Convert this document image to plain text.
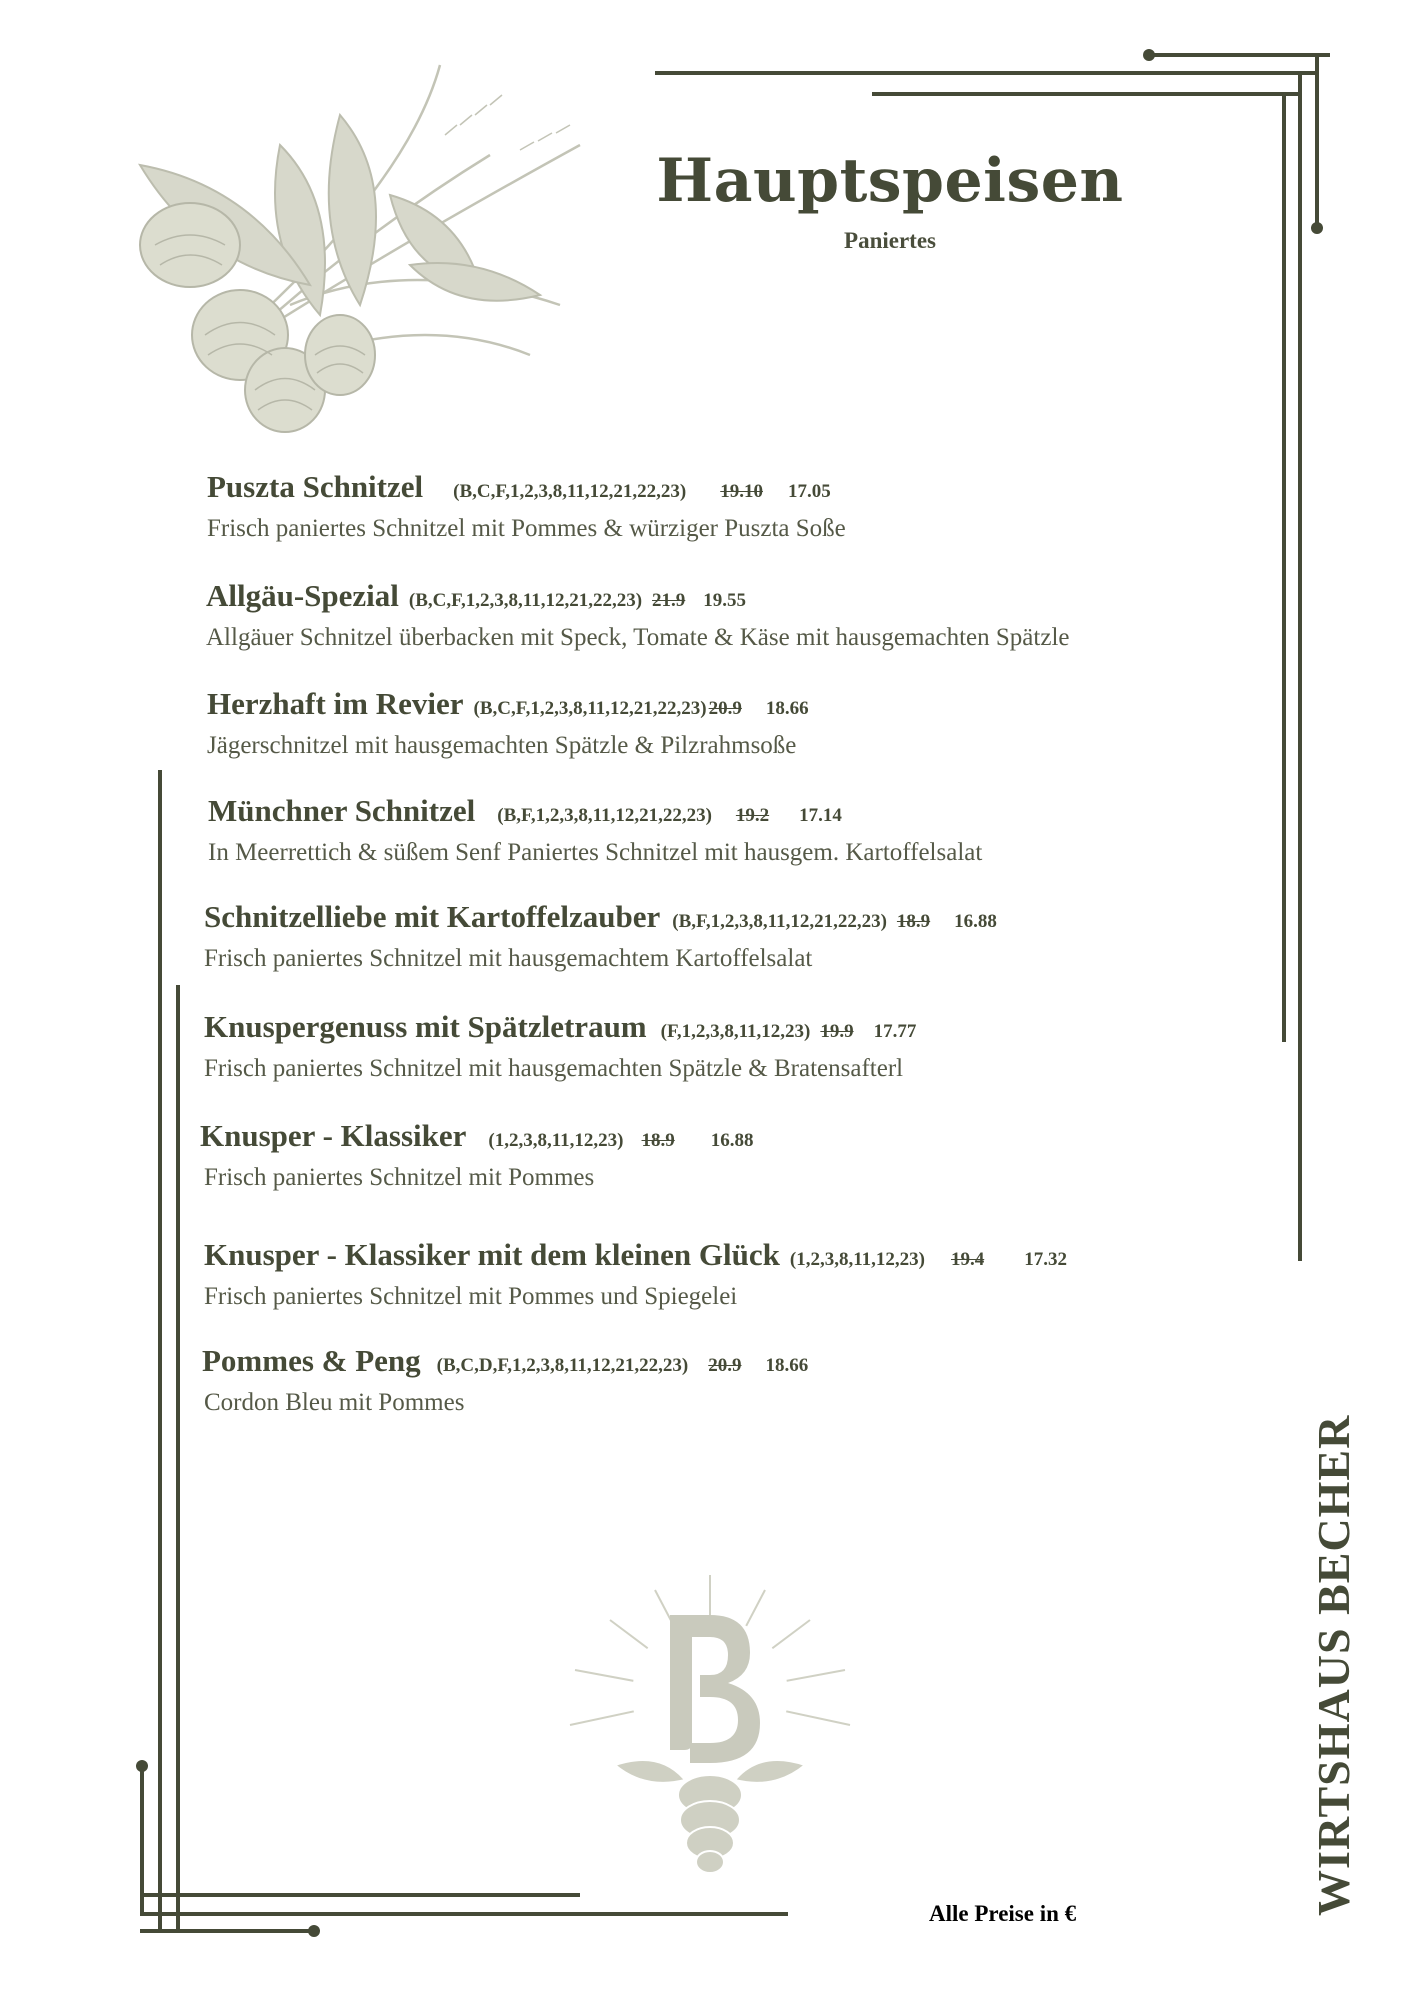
Hauptspeisen
Paniertes
Puszta Schnitzel (B,C,F,1,2,3,8,11,12,21,22,23) 19.10 17.05
Frisch paniertes Schnitzel mit Pommes & würziger Puszta Soße
Allgäu-Spezial (B,C,F,1,2,3,8,11,12,21,22,23) 21.9 19.55
Allgäuer Schnitzel überbacken mit Speck, Tomate & Käse mit hausgemachten Spätzle
Herzhaft im Revier (B,C,F,1,2,3,8,11,12,21,22,23) 20.9 18.66
Jägerschnitzel mit hausgemachten Spätzle & Pilzrahmsoße
Münchner Schnitzel (B,F,1,2,3,8,11,12,21,22,23) 19.2 17.14
In Meerrettich & süßem Senf Paniertes Schnitzel mit hausgem. Kartoffelsalat
Schnitzelliebe mit Kartoffelzauber (B,F,1,2,3,8,11,12,21,22,23) 18.9 16.88
Frisch paniertes Schnitzel mit hausgemachtem Kartoffelsalat
Knuspergenuss mit Spätzletraum (F,1,2,3,8,11,12,23) 19.9 17.77
Frisch paniertes Schnitzel mit hausgemachten Spätzle & Bratensafterl
Knusper - Klassiker (1,2,3,8,11,12,23) 18.9 16.88
Frisch paniertes Schnitzel mit Pommes
Knusper - Klassiker mit dem kleinen Glück (1,2,3,8,11,12,23) 19.4 17.32
Frisch paniertes Schnitzel mit Pommes und Spiegelei
Pommes & Peng (B,C,D,F,1,2,3,8,11,12,21,22,23) 20.9 18.66
Cordon Bleu mit Pommes
Alle Preise in €	WIRTSHAUS BECHER
